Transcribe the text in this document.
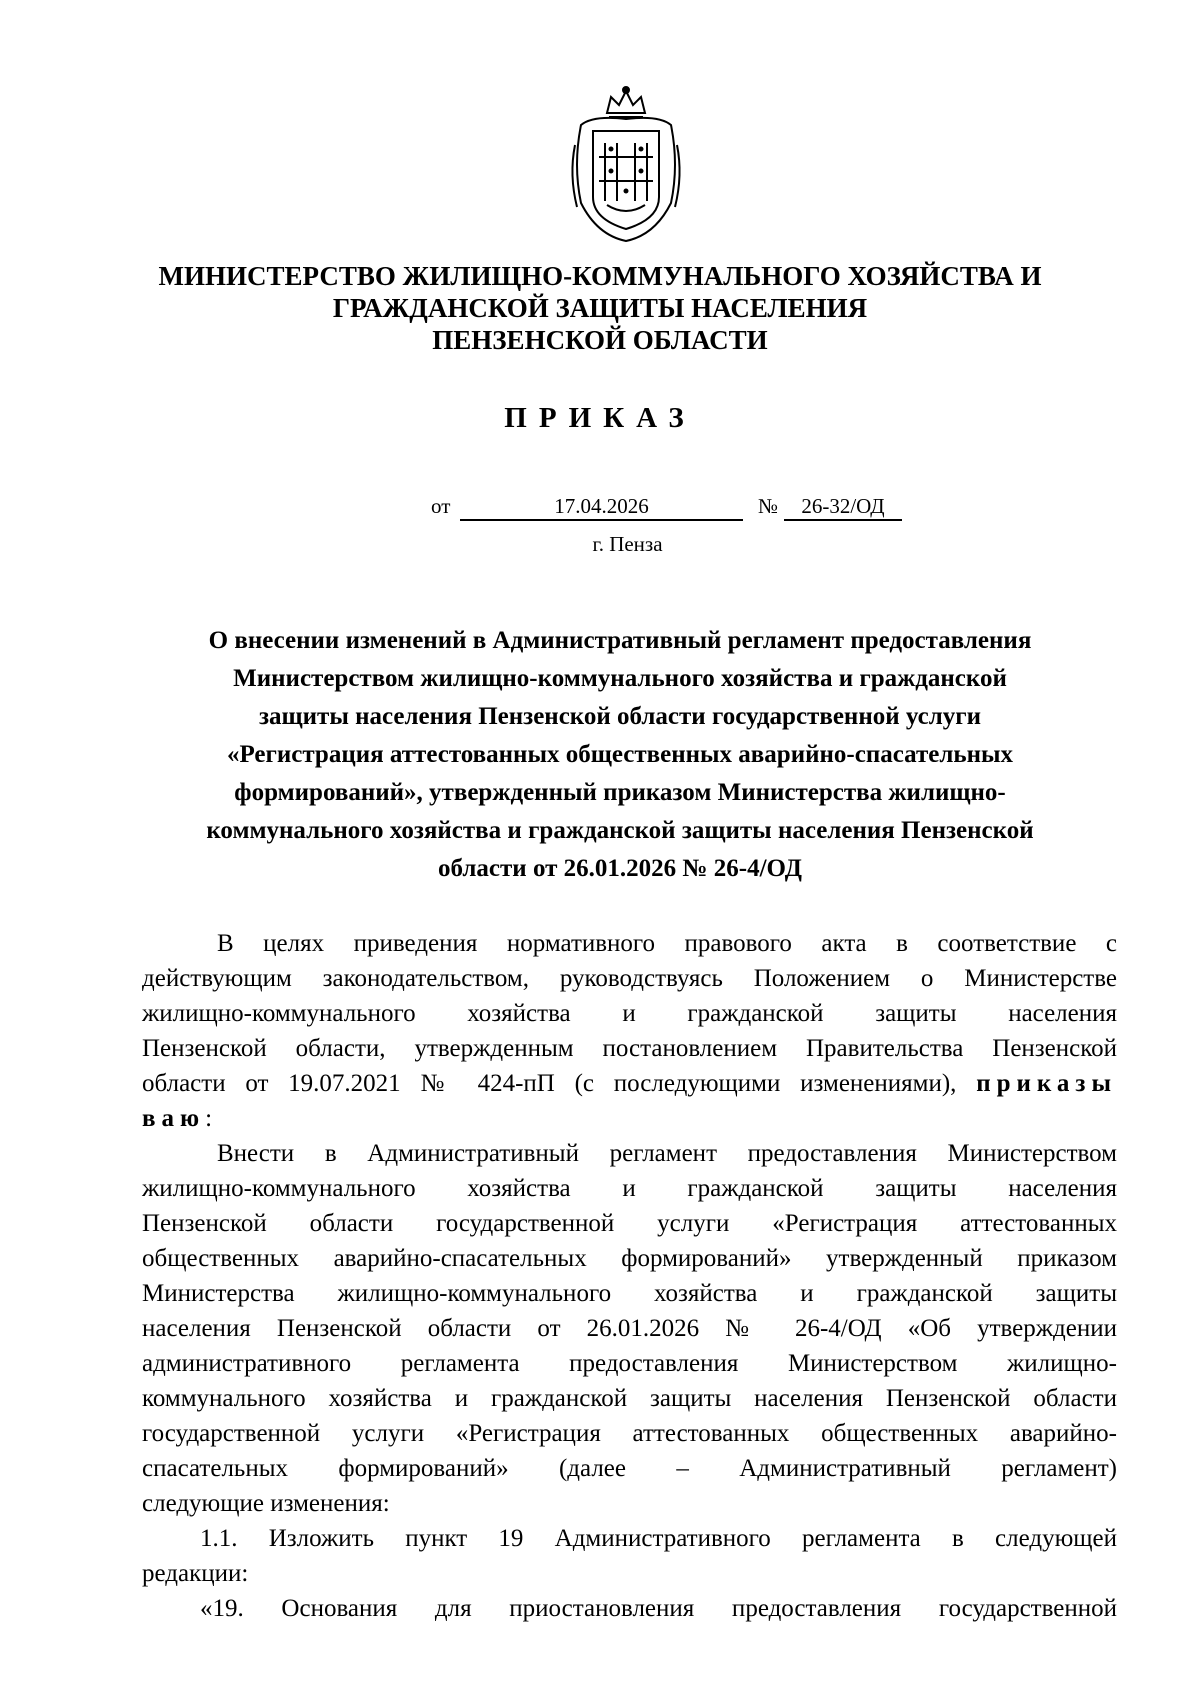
МИНИСТЕРСТВО ЖИЛИЩНО-КОММУНАЛЬНОГО ХОЗЯЙСТВА И
ГРАЖДАНСКОЙ ЗАЩИТЫ НАСЕЛЕНИЯ
ПЕНЗЕНСКОЙ ОБЛАСТИ
ПРИКАЗ
от	17.04.2026	№	26-32/ОД
г. Пенза
О внесении изменений в Административный регламент предоставления
Министерством жилищно-коммунального хозяйства и гражданской
защиты населения Пензенской области государственной услуги
«Регистрация аттестованных общественных аварийно-спасательных
формирований», утвержденный приказом Министерства жилищно-
коммунального хозяйства и гражданской защиты населения Пензенской
области от 26.01.2026 № 26-4/ОД
В целях приведения нормативного правового акта в соответствие с
действующим законодательством, руководствуясь Положением о Министерстве
жилищно-коммунального хозяйства и гражданской защиты населения
Пензенской области, утвержденным постановлением Правительства Пензенской
области от 19.07.2021 № 424-пП (с последующими изменениями), приказы
ваю:
Внести в Административный регламент предоставления Министерством
жилищно-коммунального хозяйства и гражданской защиты населения
Пензенской области государственной услуги «Регистрация аттестованных
общественных аварийно-спасательных формирований» утвержденный приказом
Министерства жилищно-коммунального хозяйства и гражданской защиты
населения Пензенской области от 26.01.2026 № 26-4/ОД «Об утверждении
административного регламента предоставления Министерством жилищно-
коммунального хозяйства и гражданской защиты населения Пензенской области
государственной услуги «Регистрация аттестованных общественных аварийно-
спасательных формирований» (далее – Административный регламент)
следующие изменения:
1.1. Изложить пункт 19 Административного регламента в следующей
редакции:
«19. Основания для приостановления предоставления государственной
